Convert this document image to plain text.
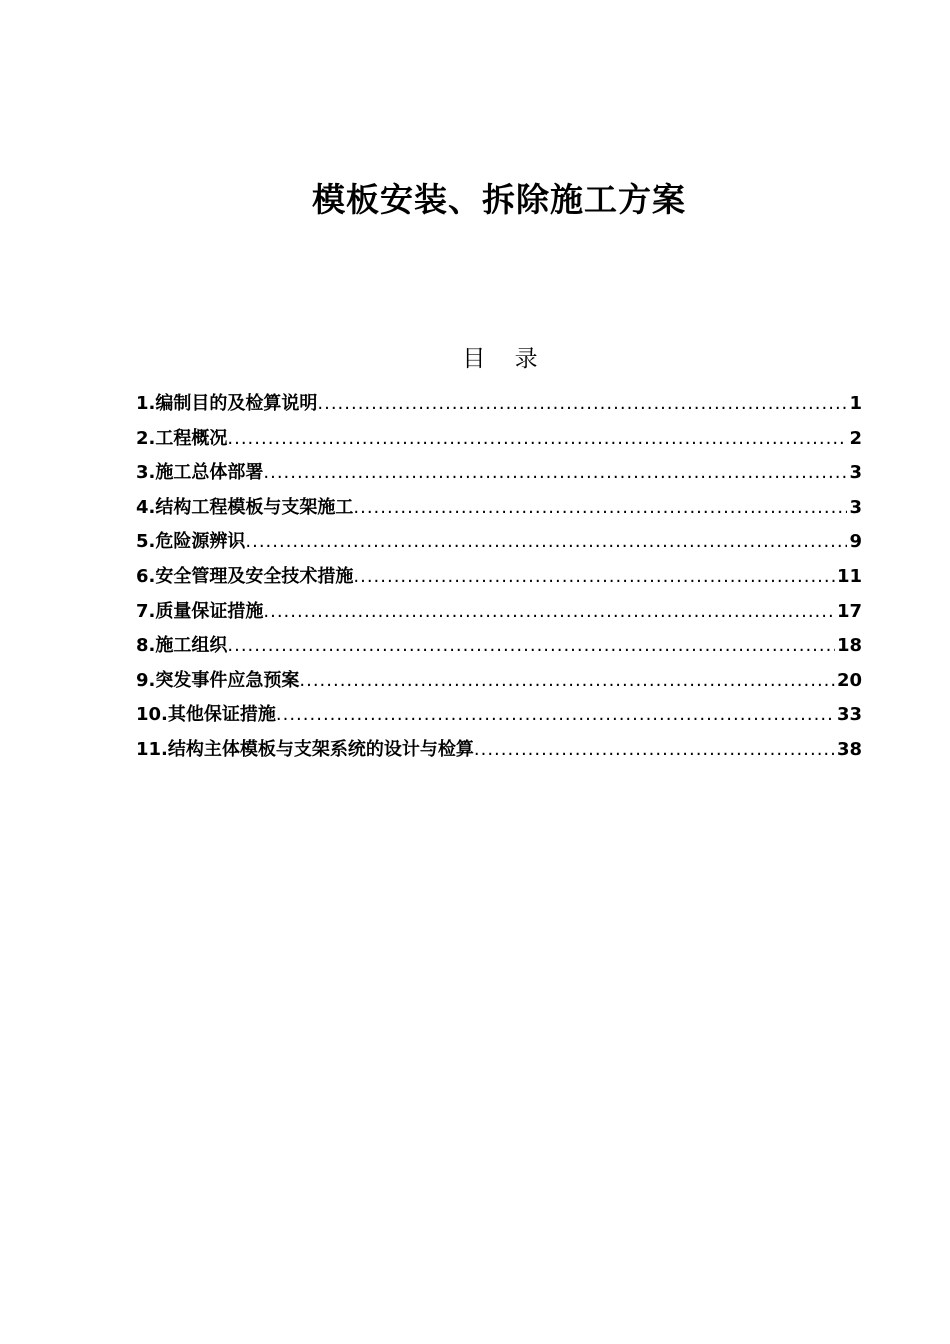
模板安装、拆除施工方案
目    录
1.编制目的及检算说明 .....	1
2.工程概况 .....	2
3.施工总体部署 .....	3
4.结构工程模板与支架施工 .....	3
5.危险源辨识 .....	9
6.安全管理及安全技术措施 .....	11
7.质量保证措施 .....	17
8.施工组织 .....	18
9.突发事件应急预案 .....	20
10.其他保证措施 .....	33
11.结构主体模板与支架系统的设计与检算 .....	38
